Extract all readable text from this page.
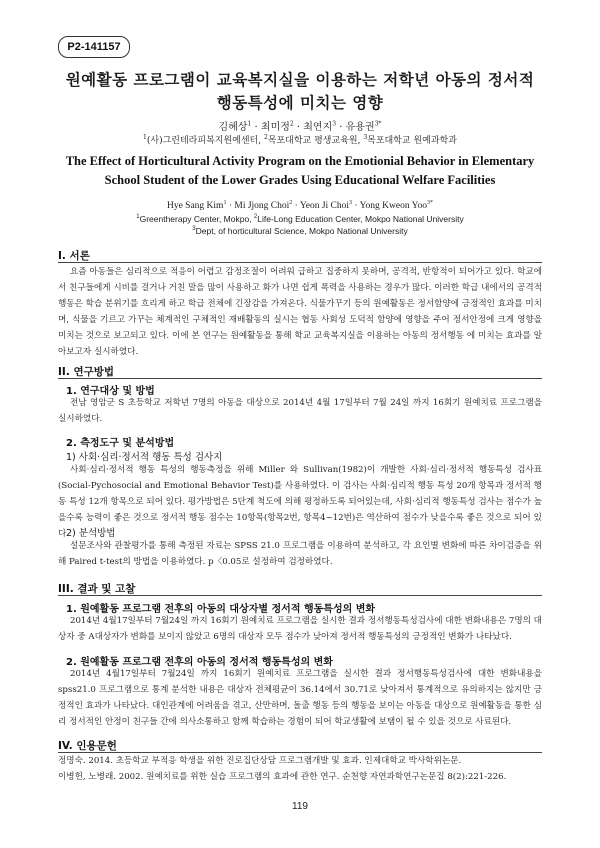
P2-141157
원예활동 프로그램이 교육복지실을 이용하는 저학년 아동의 정서적
행동특성에 미치는 영향
김혜상$^1$ · 최미정$^2$ · 최연지$^3$ · 유용권$^{3*}$
$^1$(사)그린테라피복지원예센터, $^2$목포대학교 평생교육원, $^3$목포대학교 원예과학과
The Effect of Horticultural Activity Program on the Emotionial Behavior in Elementary
School Student of the Lower Grades Using Educational Welfare Facilities
Hye Sang Kim$^1$ · Mi Jjong Choi$^2$ · Yeon Ji Choi$^3$ · Yong Kweon Yoo$^{3*}$
$^1$Greentherapy Center, Mokpo, $^2$Life-Long Education Center, Mokpo National University
$^3$Dept, of horticultural Science, Mokpo National University
I. 서론
요즘 아동들은 심리적으로 적응이 어렵고 감정조절이 어려워 급하고 집중하지 못하며, 공격적, 반항적이 되어가고 있다. 학교에서 친구들에게 시비를 걸거나 거친 말을 많이 사용하고 화가 나면 쉽게 폭력을 사용하는 경우가 많다. 이러한 학급 내에서의 공격적 행동은 학습 분위기를 흐리게 하고 학급 전체에 긴장감을 가져온다. 식물가꾸기 등의 원예활동은 정서함양에 긍정적인 효과를 미치며, 식물을 기르고 가꾸는 체계적인 구체적인 재배활동의 실시는 협동 사회성 도덕적 함양에 영향을 주어 정서안정에 크게 영향을 미치는 것으로 보고되고 있다. 이에 본 연구는 원예활동을 통해 학교 교육복지실을 이용하는 아동의 정서행동 에 미치는 효과를 알아보고자 실시하였다.
II. 연구방법
1. 연구대상 및 방법
전남 영암군 S 초등학교 저학년 7명의 아동을 대상으로 2014년 4월 17일부터 7월 24일 까지 16회기 원예치료 프로그램을 실시하였다.
2. 측정도구 및 분석방법
1) 사회·심리·정서적 행동 특성 검사지
사회·심리·정서적 행동 특성의 행동측정을 위해 Miller 와 Sullivan(1982)이 개발한 사회·심리·정서적 행동특성 검사표(Social-Pychosocial and Emotional Behavior Test)를 사용하였다. 이 검사는 사회·심리적 행동 특성 20개 항목과 정서적 행동 특성 12개 항목으로 되어 있다. 평가방법은 5단계 척도에 의해 평정하도록 되어있는데, 사회·심리적 행동특성 검사는 점수가 높을수록 능력이 좋은 것으로 정서적 행동 점수는 10항목(항목2번, 항목4~12번)은 역산하여 점수가 낮을수록 좋은 것으로 되어 있다.
2) 분석방법
설문조사와 관찰평가를 통해 측정된 자료는 SPSS 21.0 프로그램을 이용하여 분석하고, 각 요인별 변화에 따른 차이검증을 위해 Paired t-test의 방법을 이용하였다. p〈0.05로 설정하여 검정하였다.
III. 결과 및 고찰
1. 원예활동 프로그램 전후의 아동의 대상자별 정서적 행동특성의 변화
2014년 4월17일부터 7월24일 까지 16회기 원예치료 프로그램을 실시한 결과 정서행동특성검사에 대한 변화내용은 7명의 대상자 중 A대상자가 변화를 보이지 않았고 6명의 대상자 모두 점수가 낮아져 정서적 행동특성의 긍정적인 변화가 나타났다.
2. 원예활동 프로그램 전후의 아동의 정서적 행동특성의 변화
2014년 4월17일부터 7월24일 까지 16회기 원예치료 프로그램을 실시한 결과 정서행동특성검사에 대한 변화내용을 spss21.0 프로그램으로 통계 분석한 내용은 대상자 전체평균이 36.14에서 30.71로 낮아져서 통계적으로 유의하지는 않지만 긍정적인 효과가 나타났다. 대인관계에 어려움을 겪고, 산만하며, 돌출 행동 등의 행동을 보이는 아동을 대상으로 원예활동을 통한 심리 정서적인 안정이 친구들 간에 의사소통하고 함께 학습하는 경험이 되어 학교생활에 보탬이 될 수 있을 것으로 사료된다.
IV. 인용문헌
정명숙. 2014. 초등학교 부적응 학생을 위한 진로집단상담 프로그램개발 및 효과. 인제대학교 박사학위논문.
이병헌, 노병래. 2002. 원예치료를 위한 실습 프로그램의 효과에 관한 연구. 순천향 자연과학연구논문집 8(2):221-226.
119
